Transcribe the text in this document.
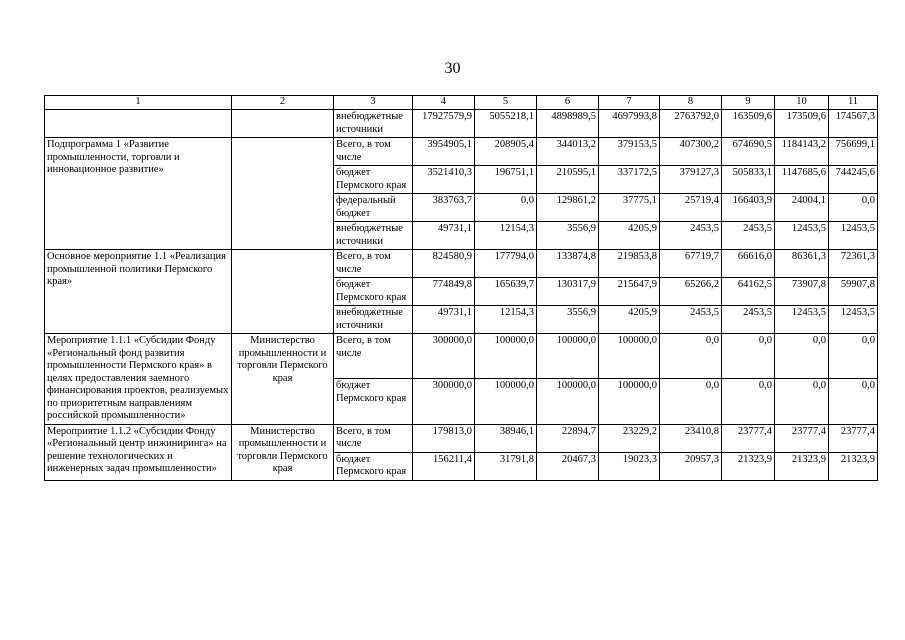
30
1	2	3	4	5	6	7	8	9	10	11
		внебюджетные источники	17927579,9	5055218,1	4898989,5	4697993,8	2763792,0	163509,6	173509,6	174567,3
Подпрограмма 1 «Развитие промышленности, торговли и инновационное развитие»		Всего, в том числе	3954905,1	208905,4	344013,2	379153,5	407300,2	674690,5	1184143,2	756699,1
		бюджет Пермского края	3521410,3	196751,1	210595,1	337172,5	379127,3	505833,1	1147685,6	744245,6
		федеральный бюджет	383763,7	0,0	129861,2	37775,1	25719,4	166403,9	24004,1	0,0
		внебюджетные источники	49731,1	12154,3	3556,9	4205,9	2453,5	2453,5	12453,5	12453,5
Основное мероприятие 1.1 «Реализация промышленной политики Пермского края»		Всего, в том числе	824580,9	177794,0	133874,8	219853,8	67719,7	66616,0	86361,3	72361,3
		бюджет Пермского края	774849,8	165639,7	130317,9	215647,9	65266,2	64162,5	73907,8	59907,8
		внебюджетные источники	49731,1	12154,3	3556,9	4205,9	2453,5	2453,5	12453,5	12453,5
Мероприятие 1.1.1 «Субсидии Фонду «Региональный фонд развития промышленности Пермского края» в целях предоставления заемного финансирования проектов, реализуемых по приоритетным направлениям российской промышленности»	Министерство промышленности и торговли Пермского края	Всего, в том числе	300000,0	100000,0	100000,0	100000,0	0,0	0,0	0,0	0,0
		бюджет Пермского края	300000,0	100000,0	100000,0	100000,0	0,0	0,0	0,0	0,0
Мероприятие 1.1.2 «Субсидии Фонду «Региональный центр инжиниринга» на решение технологических и инженерных задач промышленности»	Министерство промышленности и торговли Пермского края	Всего, в том числе	179813,0	38946,1	22894,7	23229,2	23410,8	23777,4	23777,4	23777,4
		бюджет Пермского края	156211,4	31791,8	20467,3	19023,3	20957,3	21323,9	21323,9	21323,9
